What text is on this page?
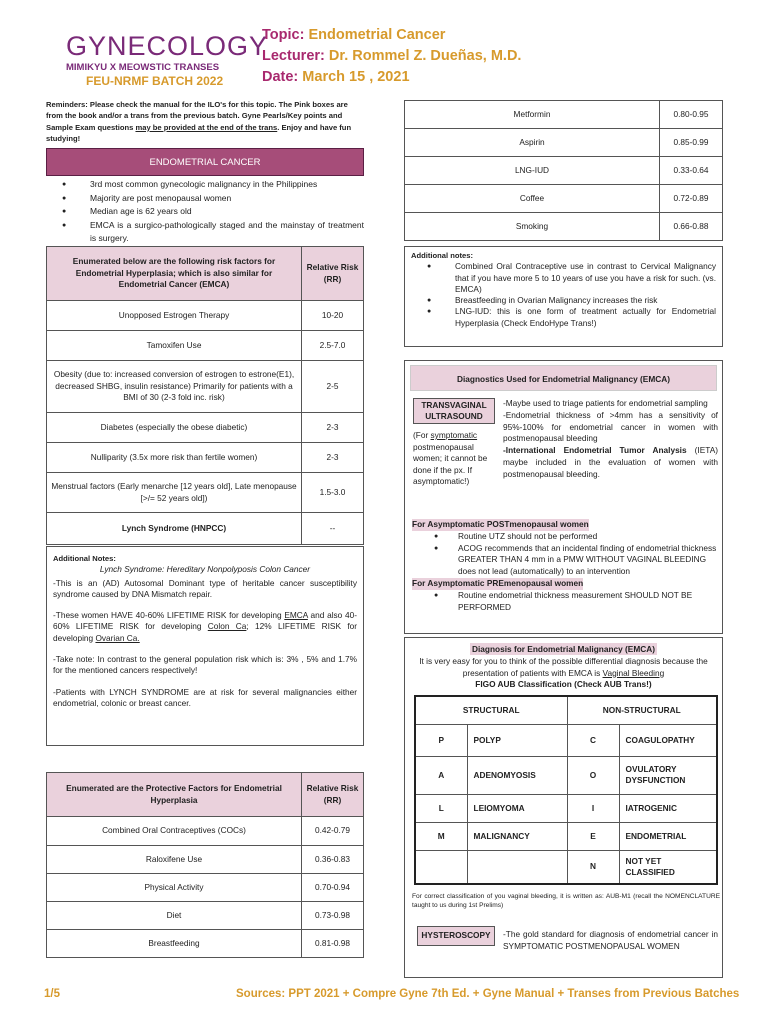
GYNECOLOGY
MIMIKYU X MEOWSTIC TRANSES
FEU-NRMF BATCH 2022
Topic: Endometrial Cancer
Lecturer: Dr. Rommel Z. Dueñas, M.D.
Date: March 15 , 2021
Reminders: Please check the manual for the ILO's for this topic. The Pink boxes are from the book and/or a trans from the previous batch. Gyne Pearls/Key points and Sample Exam questions may be provided at the end of the trans. Enjoy and have fun studying!
ENDOMETRIAL CANCER
● 3rd most common gynecologic malignancy in the Philippines
● Majority are post menopausal women
● Median age is 62 years old
● EMCA is a surgico-pathologically staged and the mainstay of treatment is surgery.
Enumerated below are the following risk factors for Endometrial Hyperplasia; which is also similar for Endometrial Cancer (EMCA)	Relative Risk (RR)
Unopposed Estrogen Therapy	10-20
Tamoxifen Use	2.5-7.0
Obesity (due to: increased conversion of estrogen to estrone(E1), decreased SHBG, insulin resistance) Primarily for patients with a BMI of 30 (2-3 fold inc. risk)	2-5
Diabetes (especially the obese diabetic)	2-3
Nulliparity (3.5x more risk than fertile women)	2-3
Menstrual factors (Early menarche [12 years old], Late menopause [>/= 52 years old])	1.5-3.0
Lynch Syndrome (HNPCC)	--
Additional Notes:
Lynch Syndrome: Hereditary Nonpolyposis Colon Cancer

-This is an (AD) Autosomal Dominant type of heritable cancer susceptibility syndrome caused by DNA Mismatch repair.

-These women HAVE 40-60% LIFETIME RISK for developing EMCA and also 40-60% LIFETIME RISK for developing Colon Ca; 12% LIFETIME RISK for developing Ovarian Ca.

-Take note: In contrast to the general population risk which is: 3% , 5% and 1.7% for the mentioned cancers respectively!

-Patients with LYNCH SYNDROME are at risk for several malignancies either endometrial, colonic or breast cancer.

Enumerated are the Protective Factors for Endometrial Hyperplasia	Relative Risk (RR)
Combined Oral Contraceptives (COCs)	0.42-0.79
Raloxifene Use	0.36-0.83
Physical Activity	0.70-0.94
Diet	0.73-0.98
Breastfeeding	0.81-0.98
Metformin	0.80-0.95
Aspirin	0.85-0.99
LNG-IUD	0.33-0.64
Coffee	0.72-0.89
Smoking	0.66-0.88
Additional notes:
● Combined Oral Contraceptive use in contrast to Cervical Malignancy that if you have more 5 to 10 years of use you have a risk for such. (vs. EMCA)
● Breastfeeding in Ovarian Malignancy increases the risk
● LNG-IUD: this is one form of treatment actually for Endometrial Hyperplasia (Check EndoHype Trans!)
Diagnostics Used for Endometrial Malignancy (EMCA)
TRANSVAGINAL ULTRASOUND
(For symptomatic postmenopausal women; it cannot be done if the px. If asymptomatic!)
-Maybe used to triage patients for endometrial sampling
-Endometrial thickness of >4mm has a sensitivity of 95%-100% for endometrial cancer in women with postmenopausal bleeding
-International Endometrial Tumor Analysis (IETA) maybe included in the evaluation of women with postmenopausal bleeding.
For Asymptomatic POSTmenopausal women
● Routine UTZ should not be performed
● ACOG recommends that an incidental finding of endometrial thickness GREATER THAN 4 mm in a PMW WITHOUT VAGINAL BLEEDING does not lead (automatically) to an intervention
For Asymptomatic PREmenopausal women
● Routine endometrial thickness measurement SHOULD NOT BE PERFORMED
Diagnosis for Endometrial Malignancy (EMCA)
It is very easy for you to think of the possible differential diagnosis because the presentation of patients with EMCA is Vaginal Bleeding
FIGO AUB Classification (Check AUB Trans!)
STRUCTURAL		NON-STRUCTURAL	
P	POLYP	C	COAGULOPATHY
A	ADENOMYOSIS	O	OVULATORY DYSFUNCTION
L	LEIOMYOMA	I	IATROGENIC
M	MALIGNANCY	E	ENDOMETRIAL
		N	NOT YET CLASSIFIED
For correct classification of you vaginal bleeding, it is written as: AUB-M1 (recall the NOMENCLATURE taught to us during 1st Prelims)
HYSTEROSCOPY	-The gold standard for diagnosis of endometrial cancer in SYMPTOMATIC POSTMENOPAUSAL WOMEN
1/5	Sources: PPT 2021 + Compre Gyne 7th Ed. + Gyne Manual + Transes from Previous Batches
